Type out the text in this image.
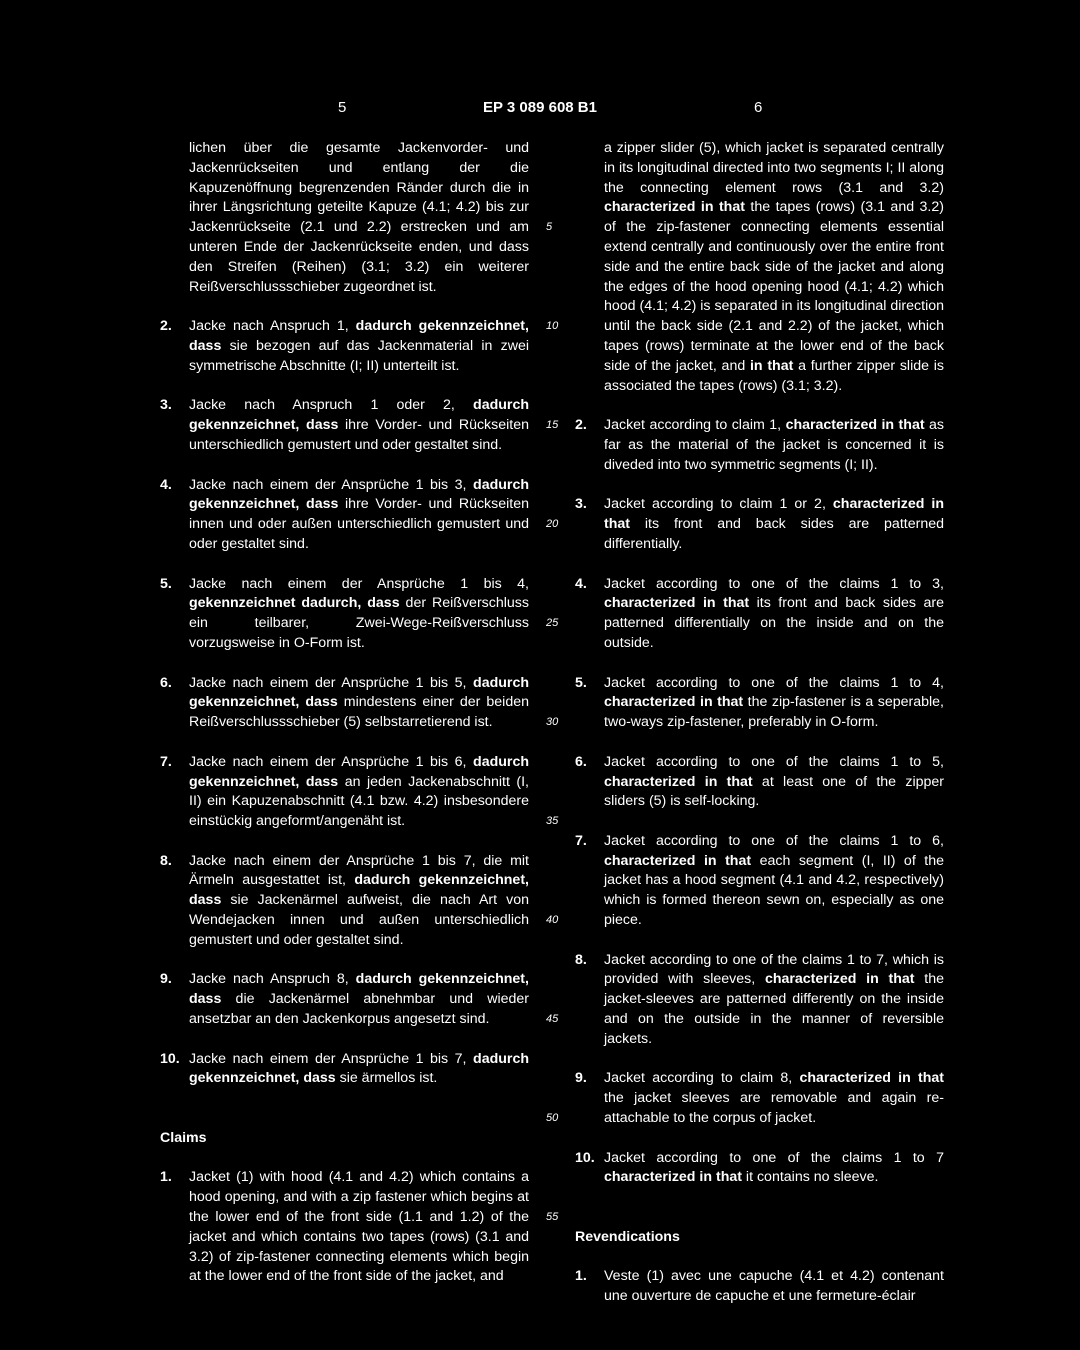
5	EP 3 089 608 B1	6
5
10
15
20
25
30
35
40
45
50
55

lichen über die gesamte Jackenvorder- und Jackenrückseiten und entlang der die Kapuzenöffnung begrenzenden Ränder durch die in ihrer Längsrichtung geteilte Kapuze (4.1; 4.2) bis zur Jackenrückseite (2.1 und 2.2) erstrecken und am unteren Ende der Jackenrückseite enden, und dass den Streifen (Reihen) (3.1; 3.2) ein weiterer Reißverschlussschieber zugeordnet ist.

2. Jacke nach Anspruch 1, dadurch gekennzeichnet, dass sie bezogen auf das Jackenmaterial in zwei symmetrische Abschnitte (I; II) unterteilt ist.

3. Jacke nach Anspruch 1 oder 2, dadurch gekennzeichnet, dass ihre Vorder- und Rückseiten unterschiedlich gemustert und oder gestaltet sind.

4. Jacke nach einem der Ansprüche 1 bis 3, dadurch gekennzeichnet, dass ihre Vorder- und Rückseiten innen und oder außen unterschiedlich gemustert und oder gestaltet sind.

5. Jacke nach einem der Ansprüche 1 bis 4, gekennzeichnet dadurch, dass der Reißverschluss ein teilbarer, Zwei-Wege-Reißverschluss vorzugsweise in O-Form ist.

6. Jacke nach einem der Ansprüche 1 bis 5, dadurch gekennzeichnet, dass mindestens einer der beiden Reißverschlussschieber (5) selbstarretierend ist.

7. Jacke nach einem der Ansprüche 1 bis 6, dadurch gekennzeichnet, dass an jeden Jackenabschnitt (I, II) ein Kapuzenabschnitt (4.1 bzw. 4.2) insbesondere einstückig angeformt/angenäht ist.

8. Jacke nach einem der Ansprüche 1 bis 7, die mit Ärmeln ausgestattet ist, dadurch gekennzeichnet, dass sie Jackenärmel aufweist, die nach Art von Wendejacken innen und außen unterschiedlich gemustert und oder gestaltet sind.

9. Jacke nach Anspruch 8, dadurch gekennzeichnet, dass die Jackenärmel abnehmbar und wieder ansetzbar an den Jackenkorpus angesetzt sind.

10. Jacke nach einem der Ansprüche 1 bis 7, dadurch gekennzeichnet, dass sie ärmellos ist.

Claims

1. Jacket (1) with hood (4.1 and 4.2) which contains a hood opening, and with a zip fastener which begins at the lower end of the front side (1.1 and 1.2) of the jacket and which contains two tapes (rows) (3.1 and 3.2) of zip-fastener connecting elements which begin at the lower end of the front side of the jacket, and

a zipper slider (5), which jacket is separated centrally in its longitudinal directed into two segments I; II along the connecting element rows (3.1 and 3.2) characterized in that the tapes (rows) (3.1 and 3.2) of the zip-fastener connecting elements essential extend centrally and continuously over the entire front side and the entire back side of the jacket and along the edges of the hood opening hood (4.1; 4.2) which hood (4.1; 4.2) is separated in its longitudinal direction until the back side (2.1 and 2.2) of the jacket, which tapes (rows) terminate at the lower end of the back side of the jacket, and in that a further zipper slide is associated the tapes (rows) (3.1; 3.2).

2. Jacket according to claim 1, characterized in that as far as the material of the jacket is concerned it is diveded into two symmetric segments (I; II).

3. Jacket according to claim 1 or 2, characterized in that its front and back sides are patterned differentially.

4. Jacket according to one of the claims 1 to 3, characterized in that its front and back sides are patterned differentially on the inside and on the outside.

5. Jacket according to one of the claims 1 to 4, characterized in that the zip-fastener is a seperable, two-ways zip-fastener, preferably in O-form.

6. Jacket according to one of the claims 1 to 5, characterized in that at least one of the zipper sliders (5) is self-locking.

7. Jacket according to one of the claims 1 to 6, characterized in that each segment (I, II) of the jacket has a hood segment (4.1 and 4.2, respectively) which is formed thereon sewn on, especially as one piece.

8. Jacket according to one of the claims 1 to 7, which is provided with sleeves, characterized in that the jacket-sleeves are patterned differently on the inside and on the outside in the manner of reversible jackets.

9. Jacket according to claim 8, characterized in that the jacket sleeves are removable and again re-attachable to the corpus of jacket.

10. Jacket according to one of the claims 1 to 7 characterized in that it contains no sleeve.

Revendications

1. Veste (1) avec une capuche (4.1 et 4.2) contenant une ouverture de capuche et une fermeture-éclair
